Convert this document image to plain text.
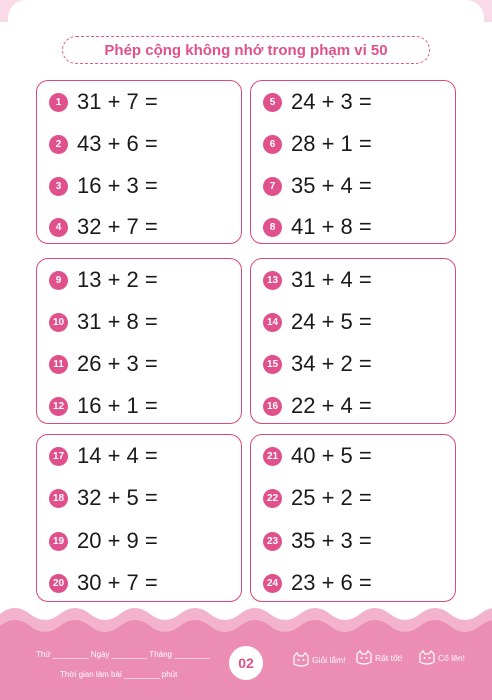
Phép cộng không nhớ trong phạm vi 50
1 31 + 7 =
2 43 + 6 =
3 16 + 3 =
4 32 + 7 =
5 24 + 3 =
6 28 + 1 =
7 35 + 4 =
8 41 + 8 =
9 13 + 2 =
10 31 + 8 =
11 26 + 3 =
12 16 + 1 =
13 31 + 4 =
14 24 + 5 =
15 34 + 2 =
16 22 + 4 =
17 14 + 4 =
18 32 + 5 =
19 20 + 9 =
20 30 + 7 =
21 40 + 5 =
22 25 + 2 =
23 35 + 3 =
24 23 + 6 =
Thứ ________ Ngày ________ Tháng ________
Thời gian làm bài ________ phút
02	Giỏi lắm!	Rất tốt!	Cố lên!
